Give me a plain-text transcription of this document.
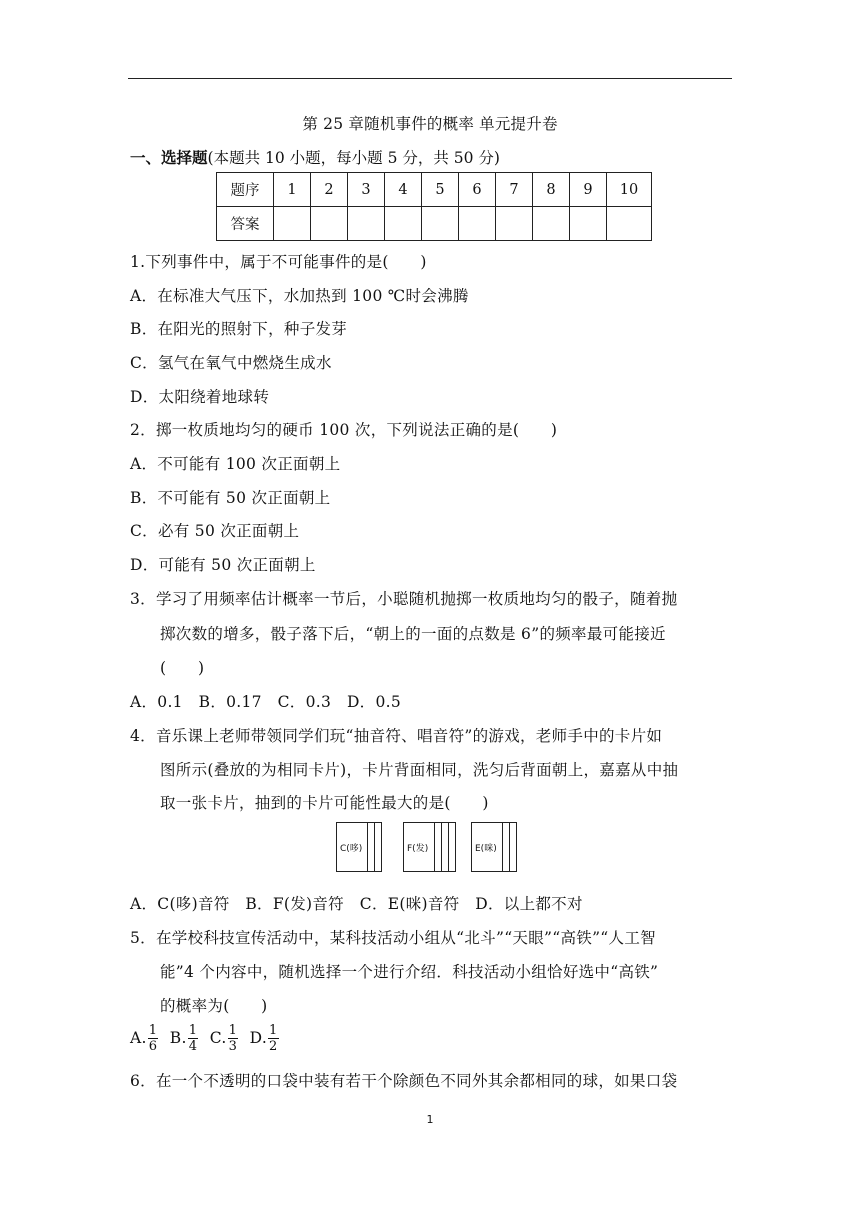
第 25 章随机事件的概率 单元提升卷
一、选择题(本题共 10 小题，每小题 5 分，共 50 分)
题序	1	2	3	4	5	6	7	8	9	10
答案										
1.下列事件中，属于不可能事件的是(　　)
A．在标准大气压下，水加热到 100 ℃时会沸腾
B．在阳光的照射下，种子发芽
C．氢气在氧气中燃烧生成水
D．太阳绕着地球转
2．掷一枚质地均匀的硬币 100 次，下列说法正确的是(　　)
A．不可能有 100 次正面朝上
B．不可能有 50 次正面朝上
C．必有 50 次正面朝上
D．可能有 50 次正面朝上
3．学习了用频率估计概率一节后，小聪随机抛掷一枚质地均匀的骰子，随着抛
掷次数的增多，骰子落下后，“朝上的一面的点数是 6”的频率最可能接近
(　　)
A．0.1　B．0.17　C．0.3　D．0.5
4．音乐课上老师带领同学们玩“抽音符、唱音符”的游戏，老师手中的卡片如
图所示(叠放的为相同卡片)，卡片背面相同，洗匀后背面朝上，嘉嘉从中抽
取一张卡片，抽到的卡片可能性最大的是(　　)
C(哆)	F(发)	E(咪)
A．C(哆)音符　B．F(发)音符　C．E(咪)音符　D．以上都不对
5．在学校科技宣传活动中，某科技活动小组从“北斗”“天眼”“高铁”“人工智
能”4 个内容中，随机选择一个进行介绍．科技活动小组恰好选中“高铁”
的概率为(　　)
A. $\frac{1}{6} B$. $\frac{1}{4} C$. $\frac{1}{3} D$. $\frac{1}{2}$
6．在一个不透明的口袋中装有若干个除颜色不同外其余都相同的球，如果口袋
1
